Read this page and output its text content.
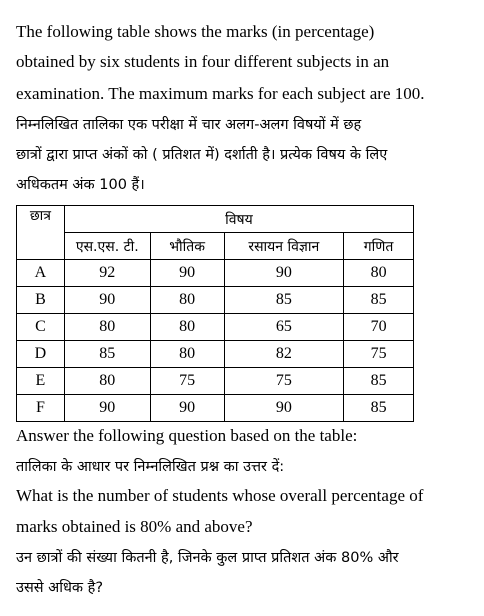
The following table shows the marks (in percentage)
obtained by six students in four different subjects in an
examination. The maximum marks for each subject are 100.
निम्नलिखित तालिका एक परीक्षा में चार अलग-अलग विषयों में छह
छात्रों द्वारा प्राप्त अंकों को ( प्रतिशत में) दर्शाती है। प्रत्येक विषय के लिए
अधिकतम अंक 100 हैं।
छात्र	विषय			
	एस.एस. टी.	भौतिक	रसायन विज्ञान	गणित
A	92	90	90	80
B	90	80	85	85
C	80	80	65	70
D	85	80	82	75
E	80	75	75	85
F	90	90	90	85
Answer the following question based on the table:
तालिका के आधार पर निम्नलिखित प्रश्न का उत्तर दें:
What is the number of students whose overall percentage of
marks obtained is 80% and above?
उन छात्रों की संख्या कितनी है, जिनके कुल प्राप्त प्रतिशत अंक 80% और
उससे अधिक है?
